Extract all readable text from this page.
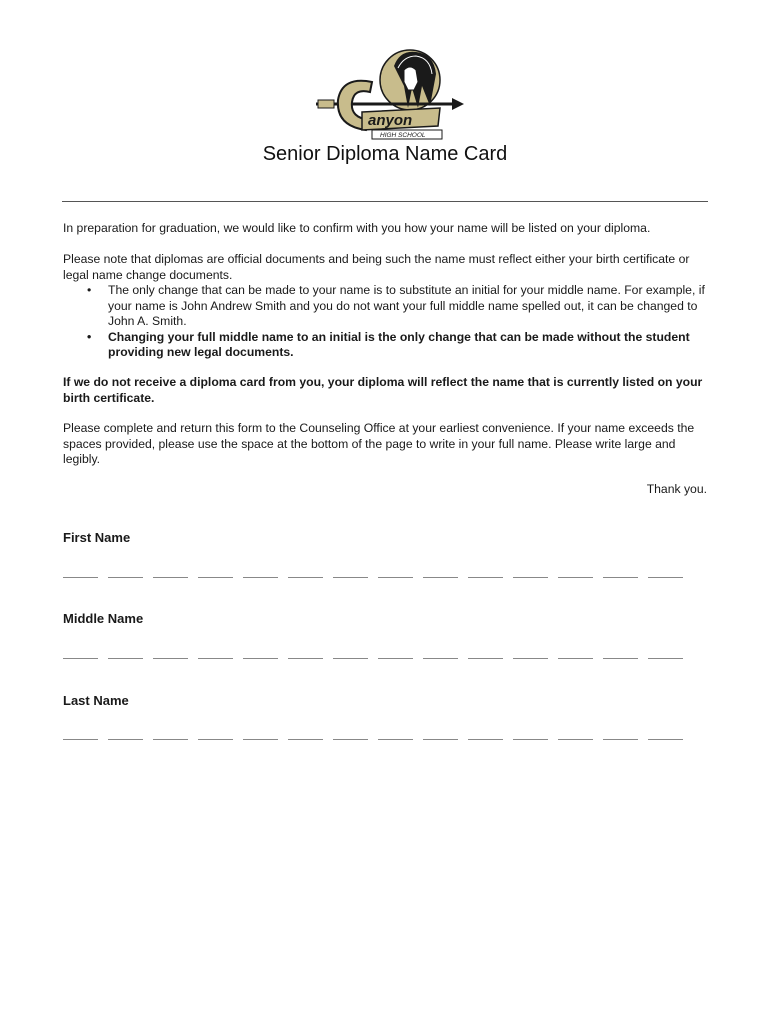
anyon
HIGH SCHOOL
Senior Diploma Name Card

In preparation for graduation, we would like to confirm with you how your name will be listed on your diploma.

Please note that diplomas are official documents and being such the name must reflect either your birth certificate or legal name change documents.

• The only change that can be made to your name is to substitute an initial for your middle name. For example, if your name is John Andrew Smith and you do not want your full middle name spelled out, it can be changed to John A. Smith.
• Changing your full middle name to an initial is the only change that can be made without the student providing new legal documents.

If we do not receive a diploma card from you, your diploma will reflect the name that is currently listed on your birth certificate.

Please complete and return this form to the Counseling Office at your earliest convenience. If your name exceeds the spaces provided, please use the space at the bottom of the page to write in your full name. Please write large and legibly.

Thank you.
First Name
Middle Name
Last Name
